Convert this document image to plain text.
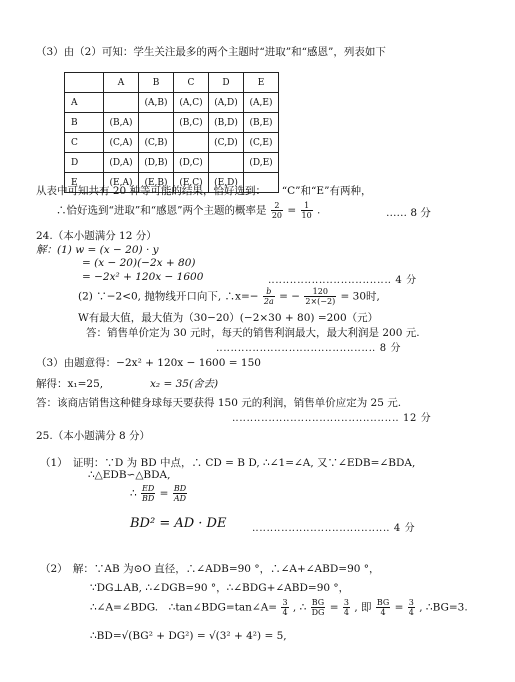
（3）由（2）可知：学生关注最多的两个主题时“进取”和“感恩”，列表如下
	A	B	C	D	E
A		(A,B)	(A,C)	(A,D)	(A,E)
B	(B,A)		(B,C)	(B,D)	(B,E)
C	(C,A)	(C,B)		(C,D)	(C,E)
D	(D,A)	(D,B)	(D,C)		(D,E)
E	(E,A)	(E,B)	(E,C)	(E,D)	
从表中可知共有 20 种等可能的结果，恰好选到：　　“C”和“E”有两种，
∴恰好选到“进取”和“感恩”两个主题的概率是 $\frac{2}{20} = \frac{1}{10}$ .	‥‥‥ 8 分
24.（本小题满分 12 分）
解：(1) w = (x − 20) · y
= (x − 20)(−2x + 80)
= −2x² + 120x − 1600	‥‥‥‥‥‥‥‥‥‥‥‥‥‥‥‥‥ 4 分
(2) ∵−2<0, 抛物线开口向下, ∴x=− $\frac{b}{2a}$ = − $\frac{120}{2\times(-2)} = 30$时,
W有最大值，最大值为（30−20）(−2×30 + 80) =200（元）
答：销售单价定为 30 元时，每天的销售利润最大，最大利润是 200 元.
‥‥‥‥‥‥‥‥‥‥‥‥‥‥‥‥‥‥‥‥‥‥ 8 分
（3）由题意得：−2x² + 120x − 1600 = 150
解得：x₁=25,	x₂ = 35(舍去)
答：该商店销售这种健身球每天要获得 150 元的利润，销售单价应定为 25 元.
‥‥‥‥‥‥‥‥‥‥‥‥‥‥‥‥‥‥‥‥‥‥‥ 12 分
25.（本小题满分 8 分）
（1）　证明：∵D 为 BD 中点，∴ CD = B D, ∴∠1=∠A, 又∵∠EDB=∠BDA,
∴△EDB∽△BDA,
∴ $\frac{ED}{BD} = \frac{BD}{AD}$
BD² = AD · DE	‥‥‥‥‥‥‥‥‥‥‥‥‥‥‥‥‥‥‥ 4 分
（2）　解：∵AB 为⊙O 直径，∴∠ADB=90 °，∴∠A+∠ABD=90 °，
∵DG⊥AB, ∴∠DGB=90 °，∴∠BDG+∠ABD=90 °，
∴∠A=∠BDG.　∴tan∠BDG=tan∠A= $\frac{3}{4}$ , ∴ $\frac{BG}{DG} = \frac{3}{4}$ , 即 $\frac{BG}{4} = \frac{3}{4}$ , ∴BG=3.
∴BD=√(BG² + DG²) = √(3² + 4²) = 5,
